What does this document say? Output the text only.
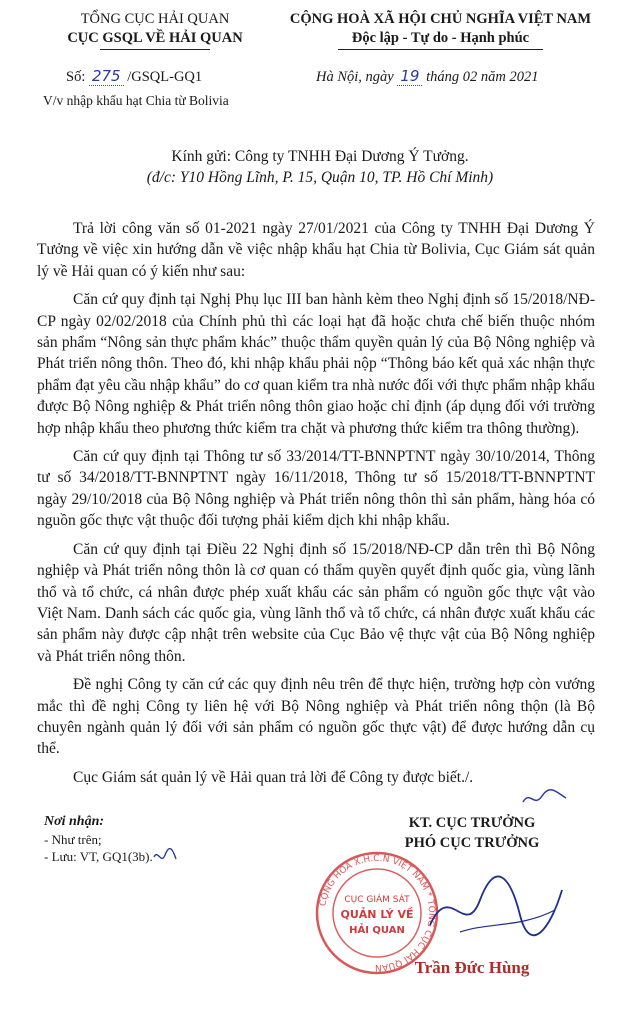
TỔNG CỤC HẢI QUAN
CỤC GSQL VỀ HẢI QUAN
CỘNG HOÀ XÃ HỘI CHỦ NGHĨA VIỆT NAM
Độc lập - Tự do - Hạnh phúc
Số: 275 /GSQL-GQ1	Hà Nội, ngày 19 tháng 02 năm 2021
V/v nhập khẩu hạt Chia từ Bolivia
Kính gửi: Công ty TNHH Đại Dương Ý Tưởng.
(đ/c: Y10 Hồng Lĩnh, P. 15, Quận 10, TP. Hồ Chí Minh)

Trả lời công văn số 01-2021 ngày 27/01/2021 của Công ty TNHH Đại Dương Ý Tưởng về việc xin hướng dẫn về việc nhập khẩu hạt Chia từ Bolivia, Cục Giám sát quản lý về Hải quan có ý kiến như sau:

Căn cứ quy định tại Nghị Phụ lục III ban hành kèm theo Nghị định số 15/2018/NĐ-CP ngày 02/02/2018 của Chính phủ thì các loại hạt đã hoặc chưa chế biến thuộc nhóm sản phẩm “Nông sản thực phẩm khác” thuộc thẩm quyền quản lý của Bộ Nông nghiệp và Phát triển nông thôn. Theo đó, khi nhập khẩu phải nộp “Thông báo kết quả xác nhận thực phẩm đạt yêu cầu nhập khẩu” do cơ quan kiểm tra nhà nước đối với thực phẩm nhập khẩu được Bộ Nông nghiệp & Phát triển nông thôn giao hoặc chỉ định (áp dụng đối với trường hợp nhập khẩu theo phương thức kiểm tra chặt và phương thức kiểm tra thông thường).

Căn cứ quy định tại Thông tư số 33/2014/TT-BNNPTNT ngày 30/10/2014, Thông tư số 34/2018/TT-BNNPTNT ngày 16/11/2018, Thông tư số 15/2018/TT-BNNPTNT ngày 29/10/2018 của Bộ Nông nghiệp và Phát triển nông thôn thì sản phẩm, hàng hóa có nguồn gốc thực vật thuộc đối tượng phải kiểm dịch khi nhập khẩu.

Căn cứ quy định tại Điều 22 Nghị định số 15/2018/NĐ-CP dẫn trên thì Bộ Nông nghiệp và Phát triển nông thôn là cơ quan có thẩm quyền quyết định quốc gia, vùng lãnh thổ và tổ chức, cá nhân được phép xuất khẩu các sản phẩm có nguồn gốc thực vật vào Việt Nam. Danh sách các quốc gia, vùng lãnh thổ và tổ chức, cá nhân được xuất khẩu các sản phẩm này được cập nhật trên website của Cục Bảo vệ thực vật của Bộ Nông nghiệp và Phát triển nông thôn.

Đề nghị Công ty căn cứ các quy định nêu trên để thực hiện, trường hợp còn vướng mắc thì đề nghị Công ty liên hệ với Bộ Nông nghiệp và Phát triển nông thộn (là Bộ chuyên ngành quản lý đối với sản phẩm có nguồn gốc thực vật) để được hướng dẫn cụ thể.

Cục Giám sát quản lý về Hải quan trả lời để Công ty được biết./.

Nơi nhận:
- Như trên;
- Lưu: VT, GQ1(3b).
KT. CỤC TRƯỞNG
PHÓ CỤC TRƯỞNG
CỘNG HOÀ X.H.C.N VIỆT NAM * TỔNG CỤC HẢI QUAN
CỤC GIÁM SÁT
QUẢN LÝ VỀ
HẢI QUAN
Trần Đức Hùng
